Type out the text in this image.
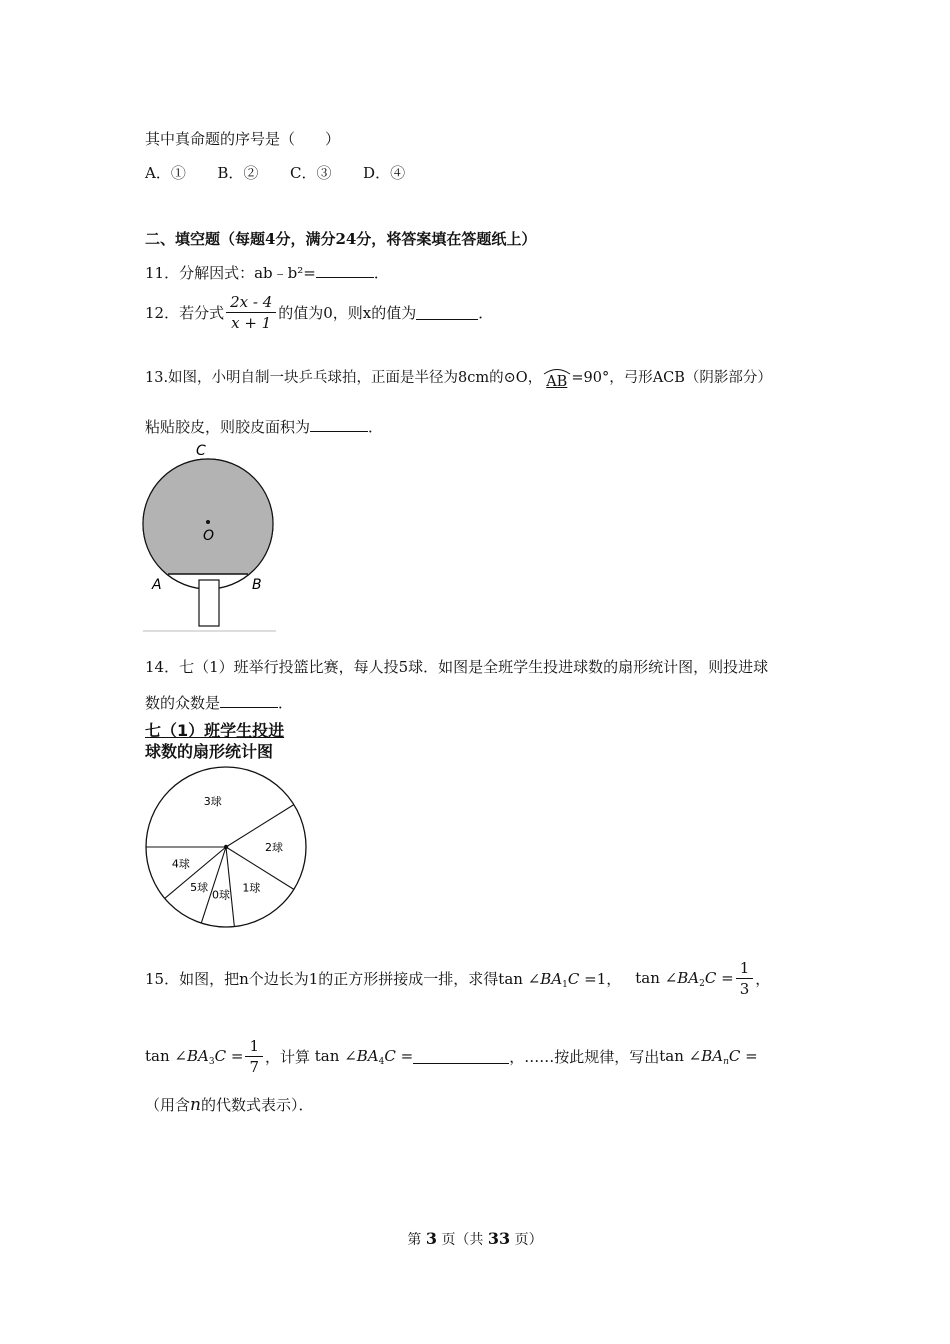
其中真命题的序号是（　　）
A．① B．② C．③ D．④
二、填空题（每题4分，满分24分，将答案填在答题纸上）
11．分解因式：ab﹣b²=	．
12．若分式 $\frac{2x - 4}{x + 1}$ 的值为0，则x的值为	．
13.如图，小明自制一块乒乓球拍，正面是半径为8cm的⊙O， AB =90°，弓形ACB（阴影部分）
粘贴胶皮，则胶皮面积为	．
C
O
A	B
14．七（1）班举行投篮比赛，每人投5球．如图是全班学生投进球数的扇形统计图，则投进球
数的众数是	．
七（1）班学生投进
球数的扇形统计图
3球
2球
1球
0球
5球
4球
15．如图，把n个边长为1的正方形拼接成一排，求得$\tan \angle BA_1C =1$， $\tan \angle BA_2C = \frac{1}{3}$ ，
$\tan \angle BA_3C = \frac{1}{7}$ ，计算 $\tan \angle BA_4C$ =	，……按此规律，写出$\tan \angle BA_nC$ =
（用含n的代数式表示）．
第 3 页（共 33 页）
